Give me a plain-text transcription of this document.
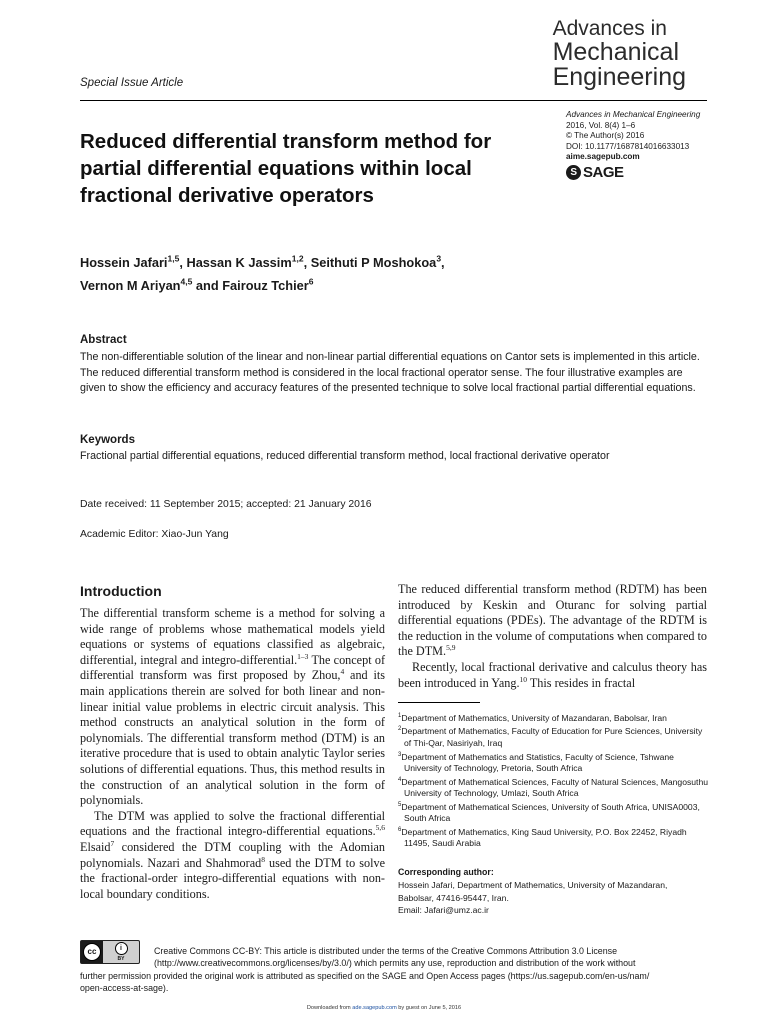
Advances in
Mechanical
Engineering
Special Issue Article
Advances in Mechanical Engineering
2016, Vol. 8(4) 1–6
© The Author(s) 2016
DOI: 10.1177/1687814016633013
aime.sagepub.com
S SAGE
Reduced differential transform method for partial differential equations within local fractional derivative operators
Hossein Jafari$^{1,5}$, Hassan K Jassim$^{1,2}$, Seithuti P Moshokoa$^3$,
Vernon M Ariyan$^{4,5}$ and Fairouz Tchier$^6$
Abstract
The non-differentiable solution of the linear and non-linear partial differential equations on Cantor sets is implemented in this article. The reduced differential transform method is considered in the local fractional operator sense. The four illustrative examples are given to show the efficiency and accuracy features of the presented technique to solve local fractional partial differential equations.
Keywords
Fractional partial differential equations, reduced differential transform method, local fractional derivative operator
Date received: 11 September 2015; accepted: 21 January 2016
Academic Editor: Xiao-Jun Yang
Introduction

The differential transform scheme is a method for solving a wide range of problems whose mathematical models yield equations or systems of equations classified as algebraic, differential, integral and integro-differential.$^{1-3}$ The concept of differential transform was first proposed by Zhou,$^4$ and its main applications therein are solved for both linear and non-linear initial value problems in electric circuit analysis. This method constructs an analytical solution in the form of polynomials. The differential transform method (DTM) is an iterative procedure that is used to obtain analytic Taylor series solutions of differential equations. Thus, this method results in the construction of an analytical solution in the form of polynomials.

The DTM was applied to solve the fractional differential equations and the fractional integro-differential equations.$^{5,6}$ Elsaid$^7$ considered the DTM coupling with the Adomian polynomials. Nazari and Shahmorad$^8$ used the DTM to solve the fractional-order integro-differential equations with non-local boundary conditions.

The reduced differential transform method (RDTM) has been introduced by Keskin and Oturanc for solving partial differential equations (PDEs). The advantage of the RDTM is the reduction in the volume of computations when compared to the DTM.$^{5,9}$

Recently, local fractional derivative and calculus theory has been introduced in Yang.$^{10}$ This resides in fractal

$^1$Department of Mathematics, University of Mazandaran, Babolsar, Iran
$^2$Department of Mathematics, Faculty of Education for Pure Sciences, University of Thi-Qar, Nasiriyah, Iraq
$^3$Department of Mathematics and Statistics, Faculty of Science, Tshwane University of Technology, Pretoria, South Africa
$^4$Department of Mathematical Sciences, Faculty of Natural Sciences, Mangosuthu University of Technology, Umlazi, South Africa
$^5$Department of Mathematical Sciences, University of South Africa, UNISA0003, South Africa
$^6$Department of Mathematics, King Saud University, P.O. Box 22452, Riyadh 11495, Saudi Arabia
Corresponding author:
Hossein Jafari, Department of Mathematics, University of Mazandaran,
Babolsar, 47416-95447, Iran.
Email: Jafari@umz.ac.ir
cc	i
BY
Creative Commons CC-BY: This article is distributed under the terms of the Creative Commons Attribution 3.0 License
(http://www.creativecommons.org/licenses/by/3.0/) which permits any use, reproduction and distribution of the work without
further permission provided the original work is attributed as specified on the SAGE and Open Access pages (https://us.sagepub.com/en-us/nam/
open-access-at-sage).
Downloaded from ade.sagepub.com by guest on June 5, 2016
